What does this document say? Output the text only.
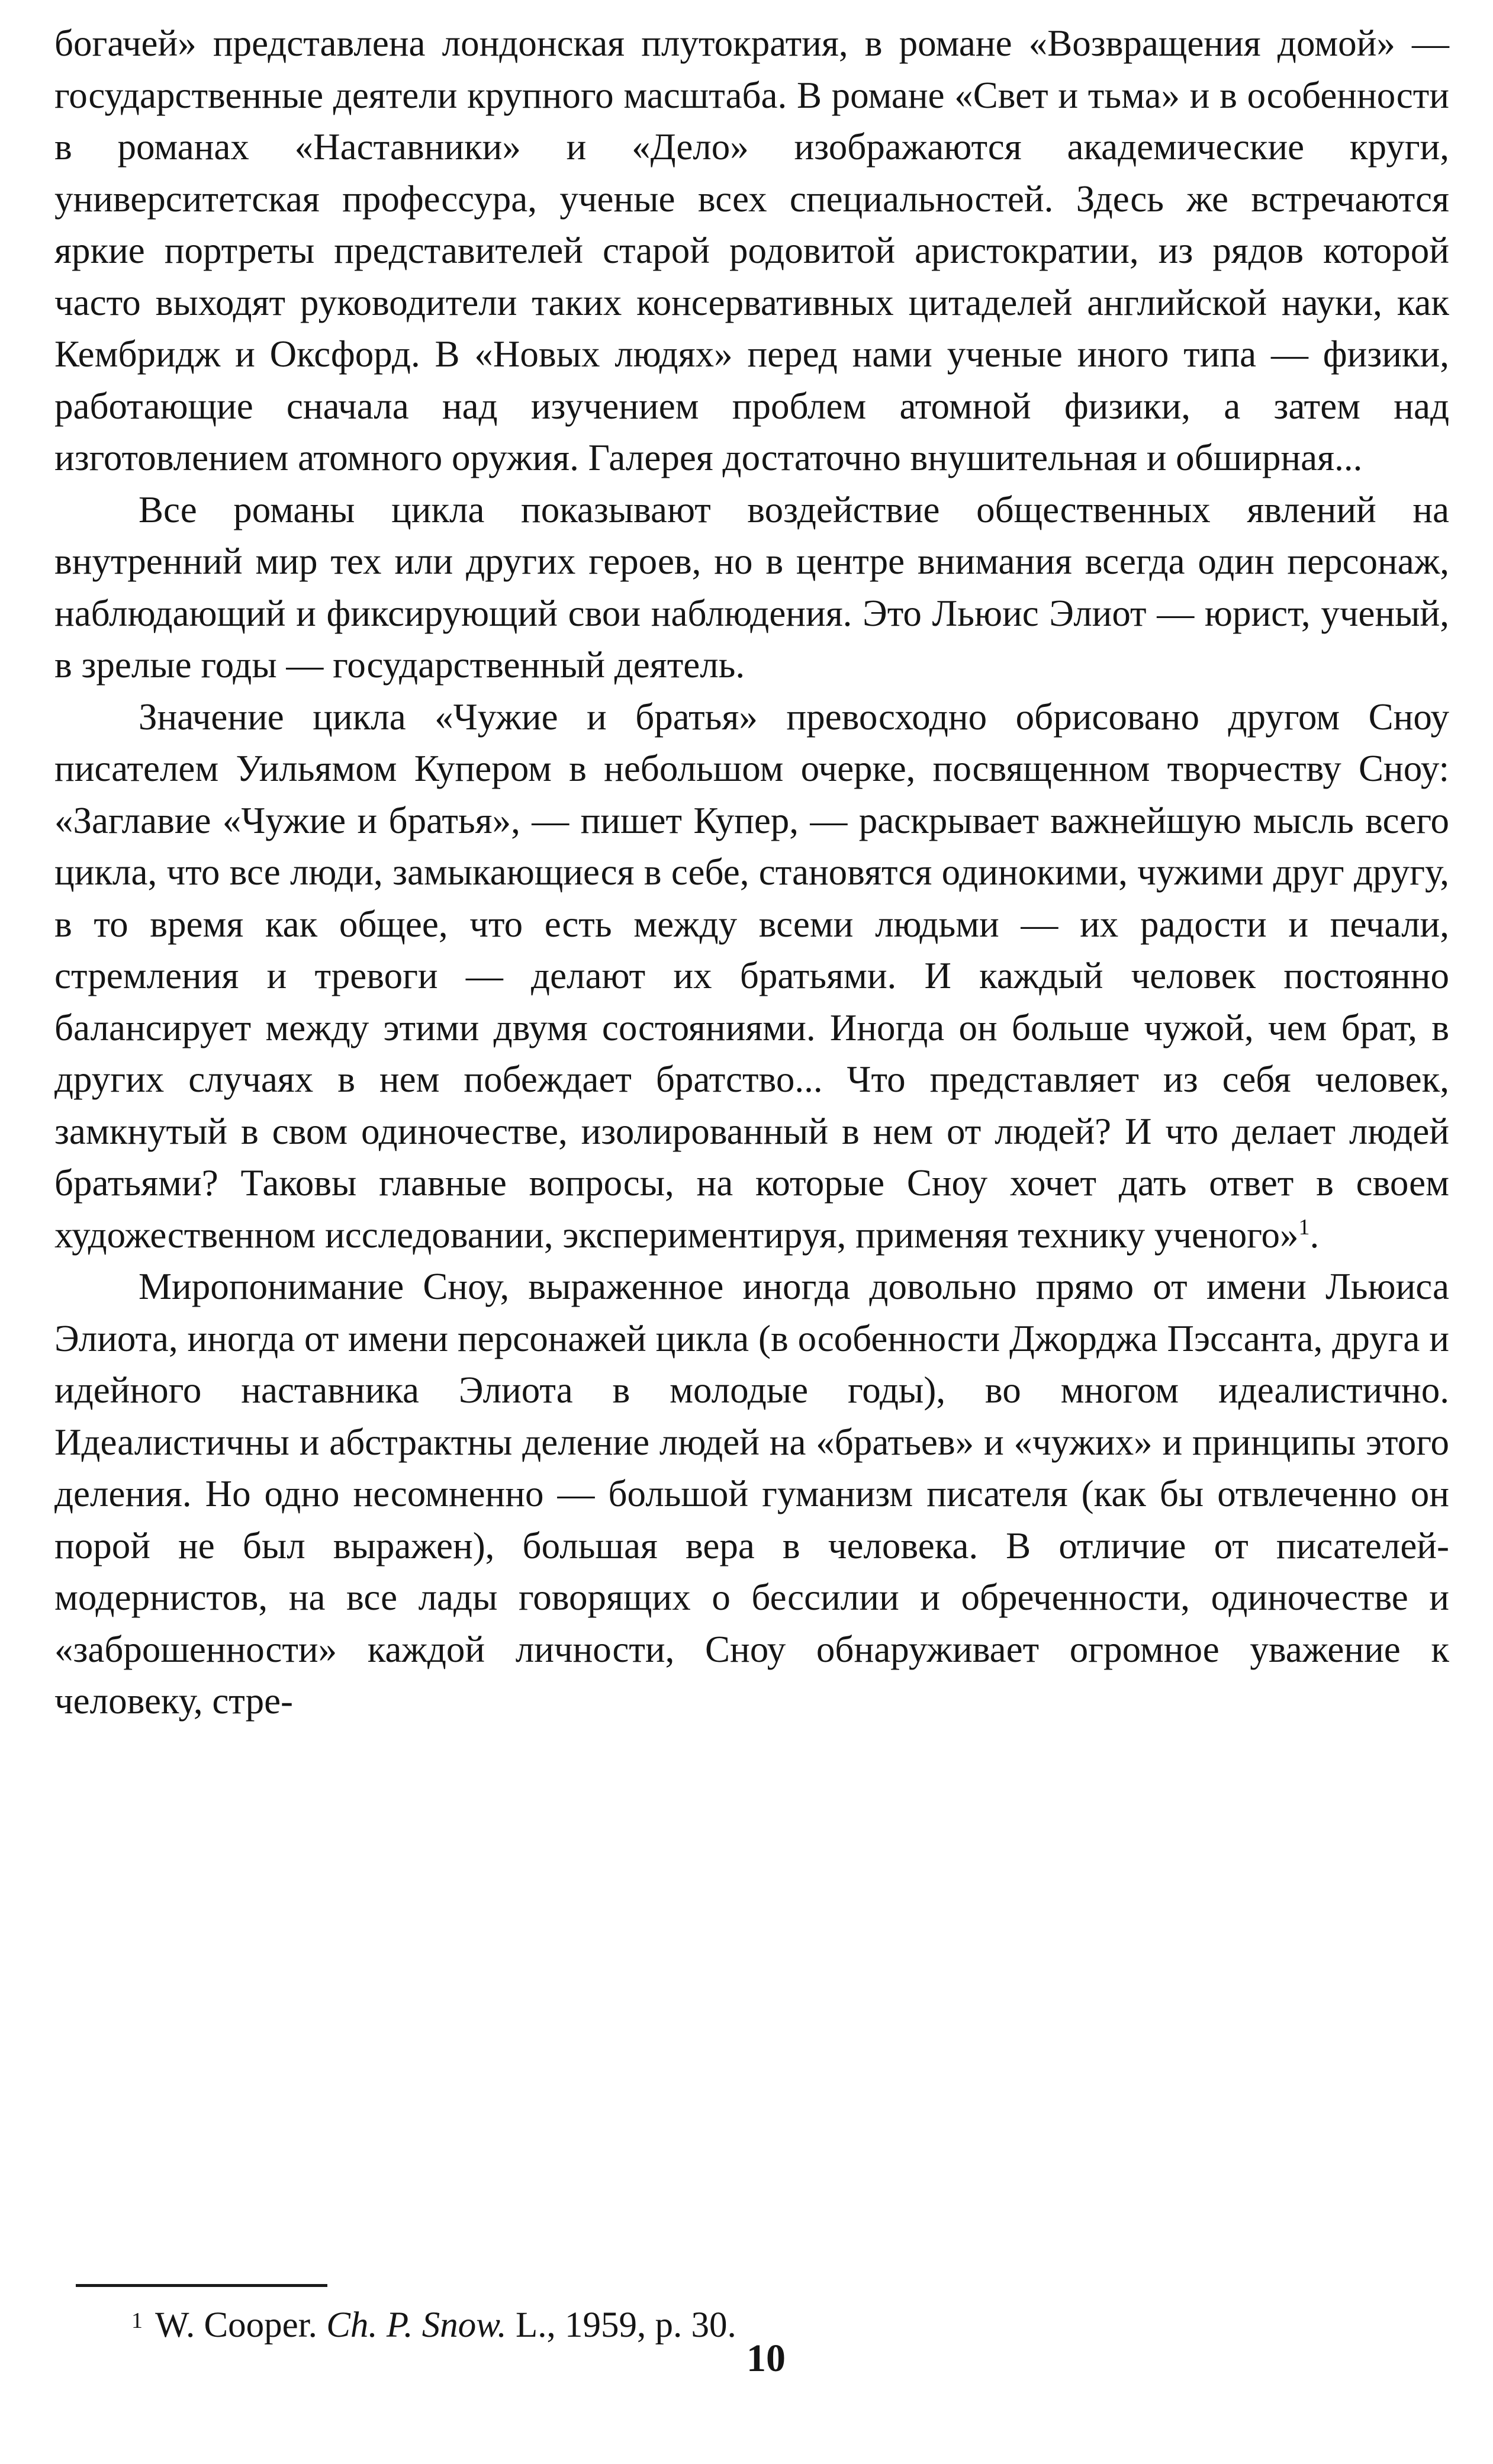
богачей» представлена лондонская плутократия, в романе «Возвращения домой» — государственные деятели крупного масштаба. В романе «Свет и тьма» и в особенности в романах «Наставники» и «Дело» изображаются академические круги, университетская профессура, ученые всех специальностей. Здесь же встречаются яркие портреты представителей старой родовитой аристократии, из рядов которой часто выходят руководители таких консервативных цитаделей английской науки, как Кембридж и Оксфорд. В «Новых людях» перед нами ученые иного типа — физики, работающие сначала над изучением проблем атомной физики, а затем над изготовлением атомного оружия. Галерея достаточно внушительная и обширная...

Все романы цикла показывают воздействие общественных явлений на внутренний мир тех или других героев, но в центре внимания всегда один персонаж, наблюдающий и фиксирующий свои наблюдения. Это Льюис Элиот — юрист, ученый, в зрелые годы — государственный деятель.

Значение цикла «Чужие и братья» превосходно обрисовано другом Сноу писателем Уильямом Купером в небольшом очерке, посвященном творчеству Сноу: «Заглавие «Чужие и братья», — пишет Купер, — раскрывает важнейшую мысль всего цикла, что все люди, замыкающиеся в себе, становятся одинокими, чужими друг другу, в то время как общее, что есть между всеми людьми — их радости и печали, стремления и тревоги — делают их братьями. И каждый человек постоянно балансирует между этими двумя состояниями. Иногда он больше чужой, чем брат, в других случаях в нем побеждает братство... Что представляет из себя человек, замкнутый в свом одиночестве, изолированный в нем от людей? И что делает людей братьями? Таковы главные вопросы, на которые Сноу хочет дать ответ в своем художественном исследовании, экспериментируя, применяя технику ученого»$^1$.

Миропонимание Сноу, выраженное иногда довольно прямо от имени Льюиса Элиота, иногда от имени персонажей цикла (в особенности Джорджа Пэссанта, друга и идейного наставника Элиота в молодые годы), во многом идеалистично. Идеалистичны и абстрактны деление людей на «братьев» и «чужих» и принципы этого деления. Но одно несомненно — большой гуманизм писателя (как бы отвлеченно он порой не был выражен), большая вера в человека. В отличие от писателей-модернистов, на все лады говорящих о бессилии и обреченности, одиночестве и «заброшенности» каждой личности, Сноу обнаруживает огромное уважение к человеку, стре-

1 W. Cooper. Ch. P. Snow. L., 1959, p. 30.
10
